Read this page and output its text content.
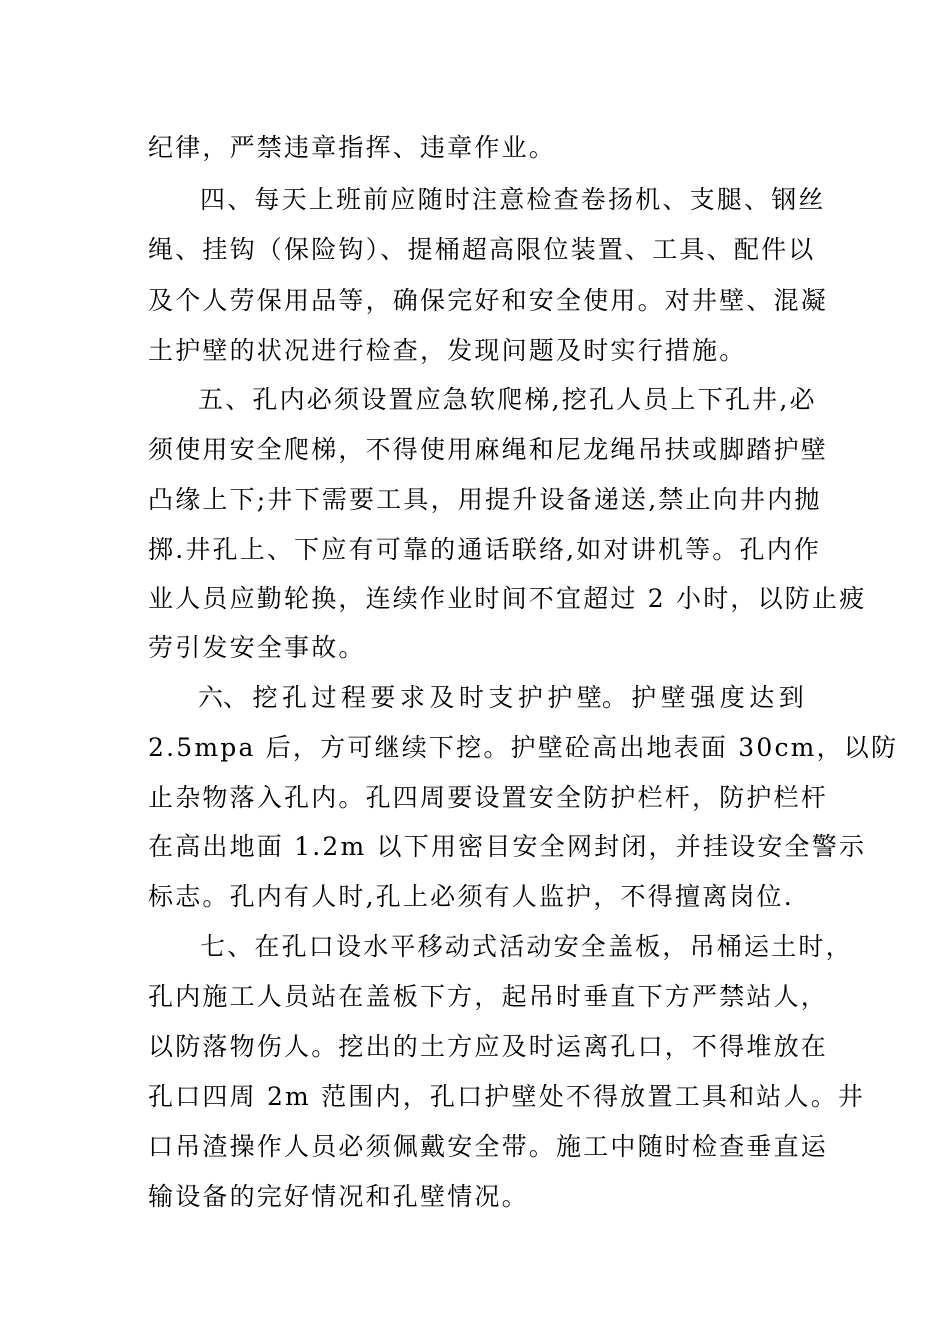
纪律，严禁违章指挥、违章作业。
四、每天上班前应随时注意检查卷扬机、支腿、钢丝
绳、挂钩（保险钩）、提桶超高限位装置、工具、配件以
及个人劳保用品等，确保完好和安全使用。对井壁、混凝
土护壁的状况进行检查，发现问题及时实行措施。
五、孔内必须设置应急软爬梯,挖孔人员上下孔井,必
须使用安全爬梯，不得使用麻绳和尼龙绳吊扶或脚踏护壁
凸缘上下;井下需要工具，用提升设备递送,禁止向井内抛
掷.井孔上、下应有可靠的通话联络,如对讲机等。孔内作
业人员应勤轮换，连续作业时间不宜超过 2 小时，以防止疲
劳引发安全事故。
六、 挖 孔 过 程 要 求 及 时 支 护 护 壁。 护 壁 强 度 达 到
2.5mpa 后，方可继续下挖。护壁砼高出地表面 30cm，以防
止杂物落入孔内。孔四周要设置安全防护栏杆，防护栏杆
在高出地面 1.2m 以下用密目安全网封闭，并挂设安全警示
标志。孔内有人时,孔上必须有人监护，不得擅离岗位.
七、在孔口设水平移动式活动安全盖板，吊桶运土时，
孔内施工人员站在盖板下方，起吊时垂直下方严禁站人，
以防落物伤人。挖出的土方应及时运离孔口，不得堆放在
孔口四周 2m 范围内，孔口护壁处不得放置工具和站人。井
口吊渣操作人员必须佩戴安全带。施工中随时检查垂直运
输设备的完好情况和孔壁情况。
